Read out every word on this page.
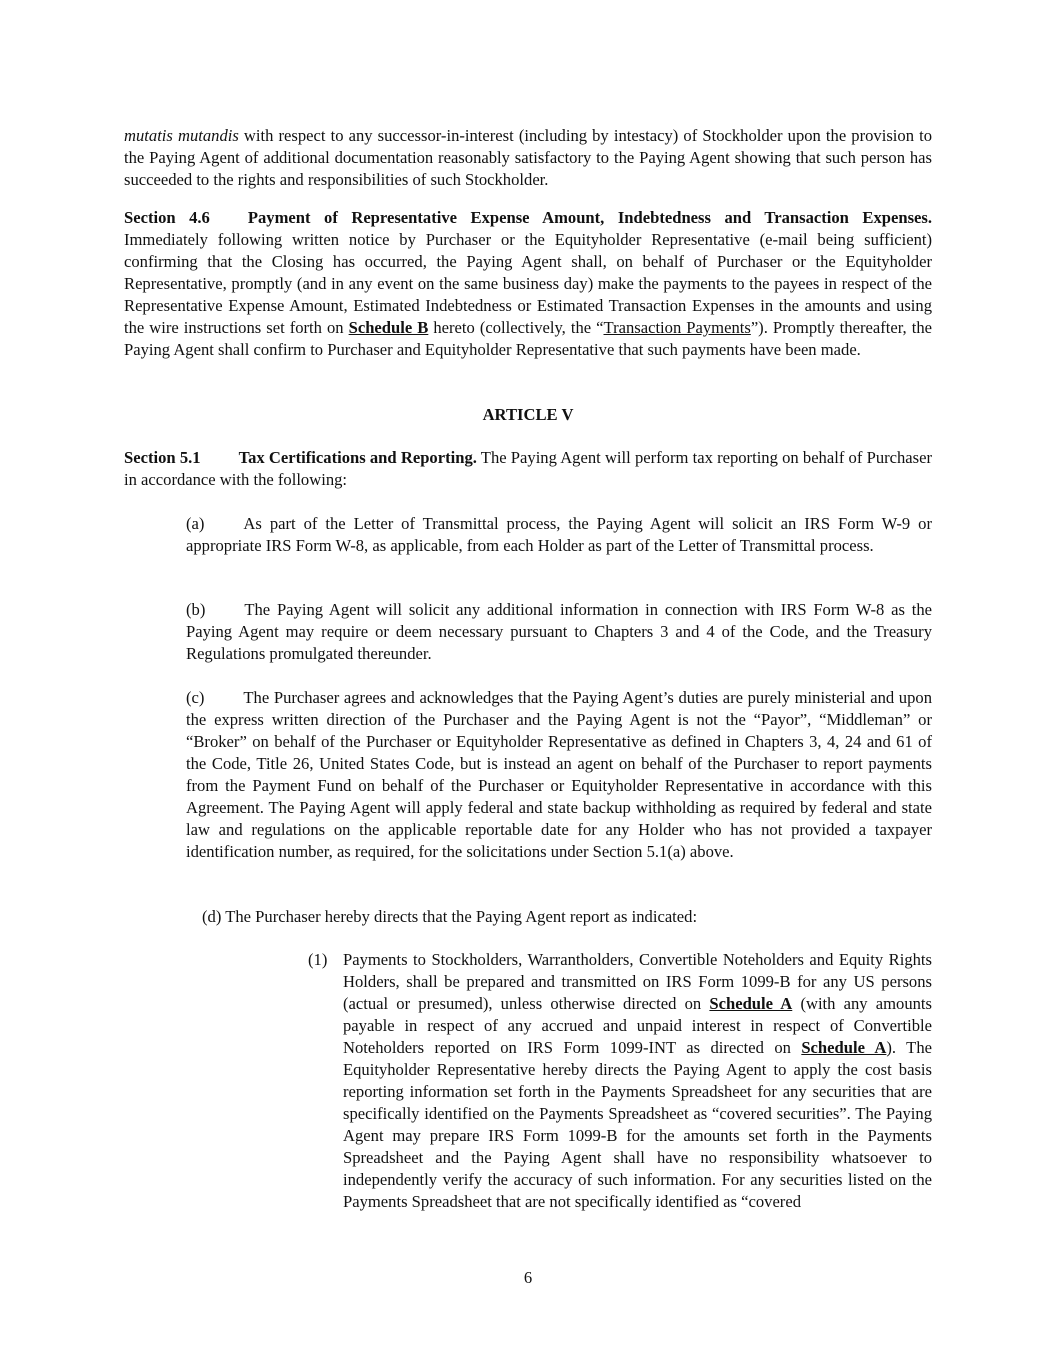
mutatis mutandis with respect to any successor-in-interest (including by intestacy) of Stockholder upon the provision to the Paying Agent of additional documentation reasonably satisfactory to the Paying Agent showing that such person has succeeded to the rights and responsibilities of such Stockholder.

Section 4.6 Payment of Representative Expense Amount, Indebtedness and Transaction Expenses. Immediately following written notice by Purchaser or the Equityholder Representative (e-mail being sufficient) confirming that the Closing has occurred, the Paying Agent shall, on behalf of Purchaser or the Equityholder Representative, promptly (and in any event on the same business day) make the payments to the payees in respect of the Representative Expense Amount, Estimated Indebtedness or Estimated Transaction Expenses in the amounts and using the wire instructions set forth on Schedule B hereto (collectively, the “Transaction Payments”). Promptly thereafter, the Paying Agent shall confirm to Purchaser and Equityholder Representative that such payments have been made.

ARTICLE V

Section 5.1 Tax Certifications and Reporting. The Paying Agent will perform tax reporting on behalf of Purchaser in accordance with the following:

(a) As part of the Letter of Transmittal process, the Paying Agent will solicit an IRS Form W-9 or appropriate IRS Form W-8, as applicable, from each Holder as part of the Letter of Transmittal process.

(b) The Paying Agent will solicit any additional information in connection with IRS Form W-8 as the Paying Agent may require or deem necessary pursuant to Chapters 3 and 4 of the Code, and the Treasury Regulations promulgated thereunder.

(c) The Purchaser agrees and acknowledges that the Paying Agent’s duties are purely ministerial and upon the express written direction of the Purchaser and the Paying Agent is not the “Payor”, “Middleman” or “Broker” on behalf of the Purchaser or Equityholder Representative as defined in Chapters 3, 4, 24 and 61 of the Code, Title 26, United States Code, but is instead an agent on behalf of the Purchaser to report payments from the Payment Fund on behalf of the Purchaser or Equityholder Representative in accordance with this Agreement. The Paying Agent will apply federal and state backup withholding as required by federal and state law and regulations on the applicable reportable date for any Holder who has not provided a taxpayer identification number, as required, for the solicitations under Section 5.1(a) above.

(d) The Purchaser hereby directs that the Paying Agent report as indicated:

(1) Payments to Stockholders, Warrantholders, Convertible Noteholders and Equity Rights Holders, shall be prepared and transmitted on IRS Form 1099-B for any US persons (actual or presumed), unless otherwise directed on Schedule A (with any amounts payable in respect of any accrued and unpaid interest in respect of Convertible Noteholders reported on IRS Form 1099-INT as directed on Schedule A). The Equityholder Representative hereby directs the Paying Agent to apply the cost basis reporting information set forth in the Payments Spreadsheet for any securities that are specifically identified on the Payments Spreadsheet as “covered securities”. The Paying Agent may prepare IRS Form 1099-B for the amounts set forth in the Payments Spreadsheet and the Paying Agent shall have no responsibility whatsoever to independently verify the accuracy of such information. For any securities listed on the Payments Spreadsheet that are not specifically identified as “covered

6
